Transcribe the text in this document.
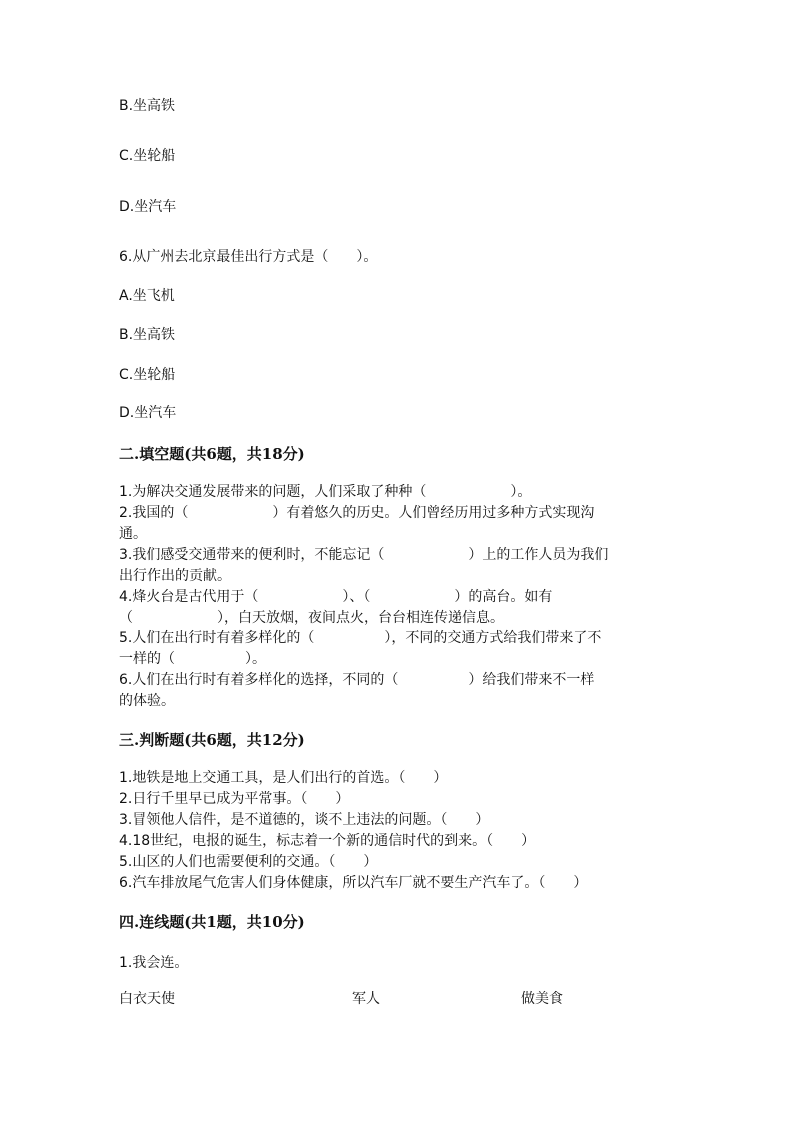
B.坐高铁
C.坐轮船
D.坐汽车
6.从广州去北京最佳出行方式是（ ）。
A.坐飞机
B.坐高铁
C.坐轮船
D.坐汽车
二.填空题(共6题，共18分)
1.为解决交通发展带来的问题，人们采取了种种（	）。
2.我国的（	）有着悠久的历史。人们曾经历用过多种方式实现沟
通。
3.我们感受交通带来的便利时，不能忘记（	）上的工作人员为我们
出行作出的贡献。
4.烽火台是古代用于（	）、（	）的高台。如有
（	），白天放烟，夜间点火，台台相连传递信息。
5.人们在出行时有着多样化的（	），不同的交通方式给我们带来了不
一样的（	）。
6.人们在出行时有着多样化的选择，不同的（	）给我们带来不一样
的体验。
三.判断题(共6题，共12分)
1.地铁是地上交通工具，是人们出行的首选。（ ）
2.日行千里早已成为平常事。（ ）
3.冒领他人信件，是不道德的，谈不上违法的问题。（ ）
4.18世纪，电报的诞生，标志着一个新的通信时代的到来。（ ）
5.山区的人们也需要便利的交通。（ ）
6.汽车排放尾气危害人们身体健康，所以汽车厂就不要生产汽车了。（ ）
四.连线题(共1题，共10分)
1.我会连。
白衣天使	军人	做美食
